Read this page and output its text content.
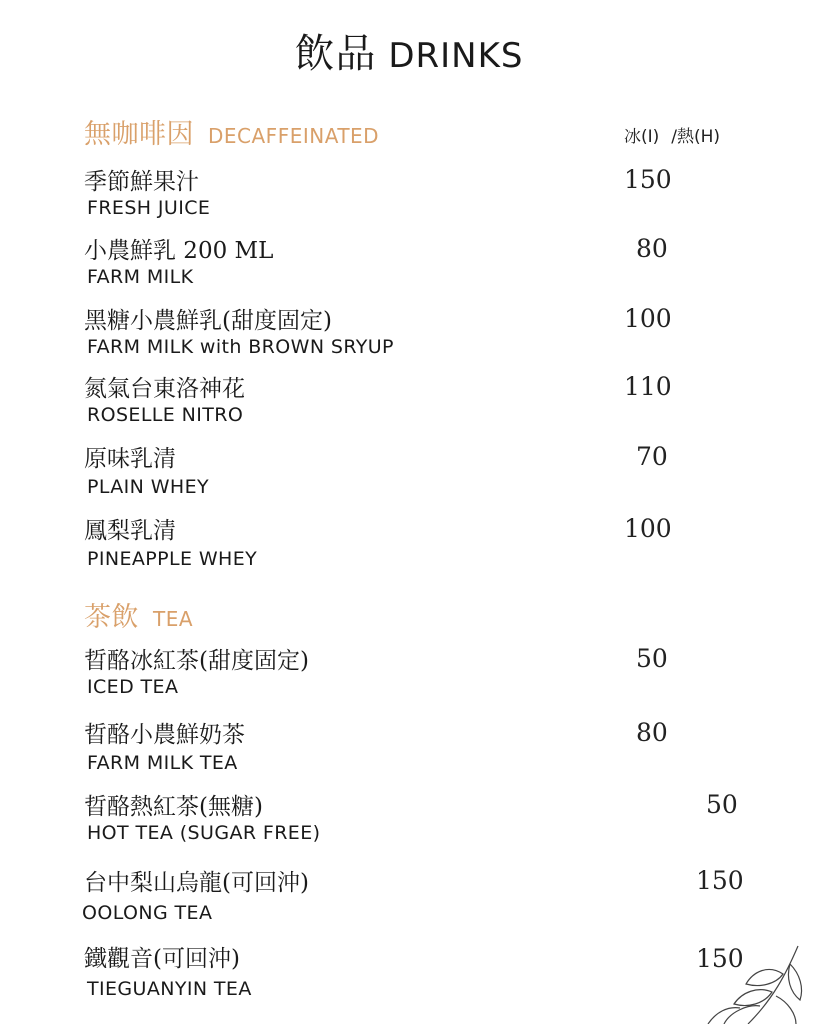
飲品 DRINKS
無咖啡因 DECAFFEINATED	冰(I) /熱(H)
季節鮮果汁
FRESH JUICE
150
小農鮮乳 200 ML
FARM MILK
80
黑糖小農鮮乳(甜度固定)
FARM MILK with BROWN SRYUP
100
氮氣台東洛神花
ROSELLE NITRO
110
原味乳清
PLAIN WHEY
70
鳳梨乳清
PINEAPPLE WHEY
100
茶飲 TEA
晢酪冰紅茶(甜度固定)
ICED TEA
50
晢酪小農鮮奶茶
FARM MILK TEA
80
晢酪熱紅茶(無糖)
HOT TEA (SUGAR FREE)
50
台中梨山烏龍(可回沖)
OOLONG TEA
150
鐵觀音(可回沖)
TIEGUANYIN TEA
150
